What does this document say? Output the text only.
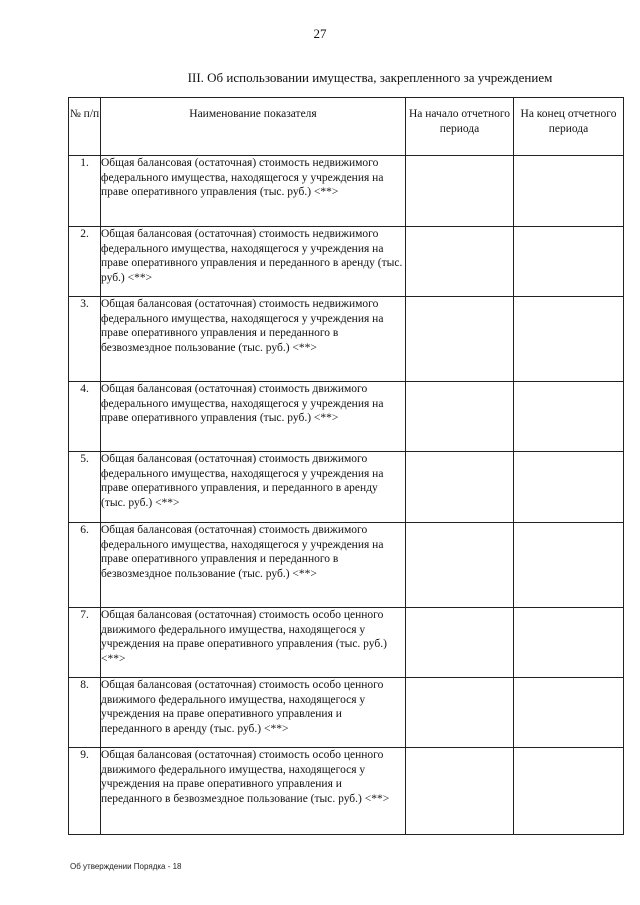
27
III. Об использовании имущества, закрепленного за учреждением
№ п/п	Наименование показателя	На начало отчетного периода	На конец отчетного периода
1.	Общая балансовая (остаточная) стоимость недвижимого федерального имущества, находящегося у учреждения на праве оперативного управления (тыс. руб.) <**>		
2.	Общая балансовая (остаточная) стоимость недвижимого федерального имущества, находящегося у учреждения на праве оперативного управления и переданного в аренду (тыс. руб.) <**>		
3.	Общая балансовая (остаточная) стоимость недвижимого федерального имущества, находящегося у учреждения на праве оперативного управления и переданного в безвозмездное пользование (тыс. руб.) <**>		
4.	Общая балансовая (остаточная) стоимость движимого федерального имущества, находящегося у учреждения на праве оперативного управления (тыс. руб.) <**>		
5.	Общая балансовая (остаточная) стоимость движимого федерального имущества, находящегося у учреждения на праве оперативного управления, и переданного в аренду (тыс. руб.) <**>		
6.	Общая балансовая (остаточная) стоимость движимого федерального имущества, находящегося у учреждения на праве оперативного управления и переданного в безвозмездное пользование (тыс. руб.) <**>		
7.	Общая балансовая (остаточная) стоимость особо ценного движимого федерального имущества, находящегося у учреждения на праве оперативного управления (тыс. руб.) <**>		
8.	Общая балансовая (остаточная) стоимость особо ценного движимого федерального имущества, находящегося у учреждения на праве оперативного управления и переданного в аренду (тыс. руб.) <**>		
9.	Общая балансовая (остаточная) стоимость особо ценного движимого федерального имущества, находящегося у учреждения на праве оперативного управления и переданного в безвозмездное пользование (тыс. руб.) <**>		
Об утверждении Порядка - 18
